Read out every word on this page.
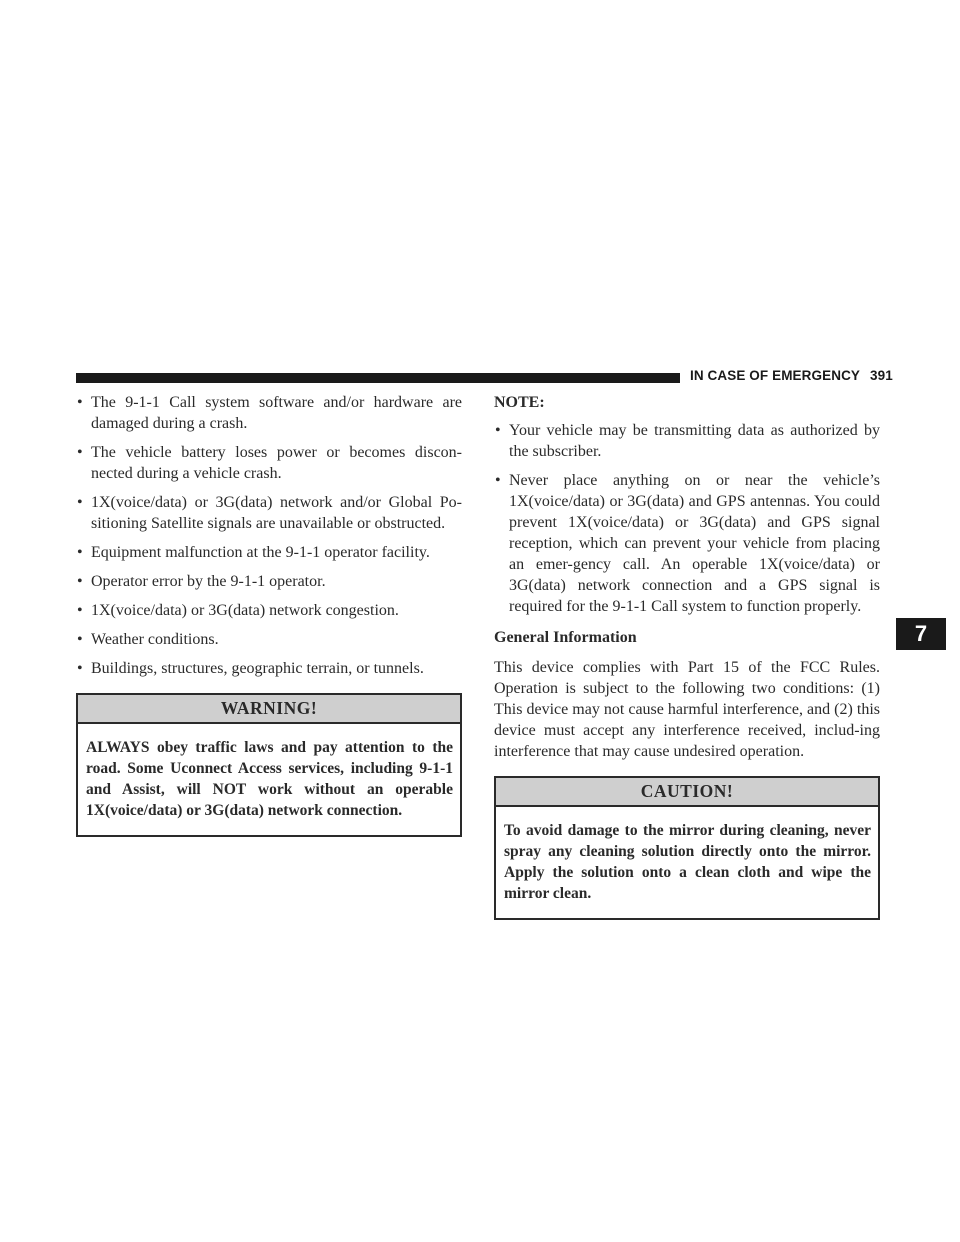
IN CASE OF EMERGENCY 391
7
• The 9-1-1 Call system software and/or hardware are damaged during a crash.
• The vehicle battery loses power or becomes discon-nected during a vehicle crash.
• 1X(voice/data) or 3G(data) network and/or Global Po-sitioning Satellite signals are unavailable or obstructed.
• Equipment malfunction at the 9-1-1 operator facility.
• Operator error by the 9-1-1 operator.
• 1X(voice/data) or 3G(data) network congestion.
• Weather conditions.
• Buildings, structures, geographic terrain, or tunnels.
WARNING!
ALWAYS obey traffic laws and pay attention to the road. Some Uconnect Access services, including 9-1-1 and Assist, will NOT work without an operable 1X(voice/data) or 3G(data) network connection.
NOTE:
• Your vehicle may be transmitting data as authorized by the subscriber.
• Never place anything on or near the vehicle’s 1X(voice/data) or 3G(data) and GPS antennas. You could prevent 1X(voice/data) or 3G(data) and GPS signal reception, which can prevent your vehicle from placing an emer-gency call. An operable 1X(voice/data) or 3G(data) network connection and a GPS signal is required for the 9-1-1 Call system to function properly.
General Information
This device complies with Part 15 of the FCC Rules. Operation is subject to the following two conditions: (1) This device may not cause harmful interference, and (2) this device must accept any interference received, includ-ing interference that may cause undesired operation.
CAUTION!
To avoid damage to the mirror during cleaning, never spray any cleaning solution directly onto the mirror. Apply the solution onto a clean cloth and wipe the mirror clean.
